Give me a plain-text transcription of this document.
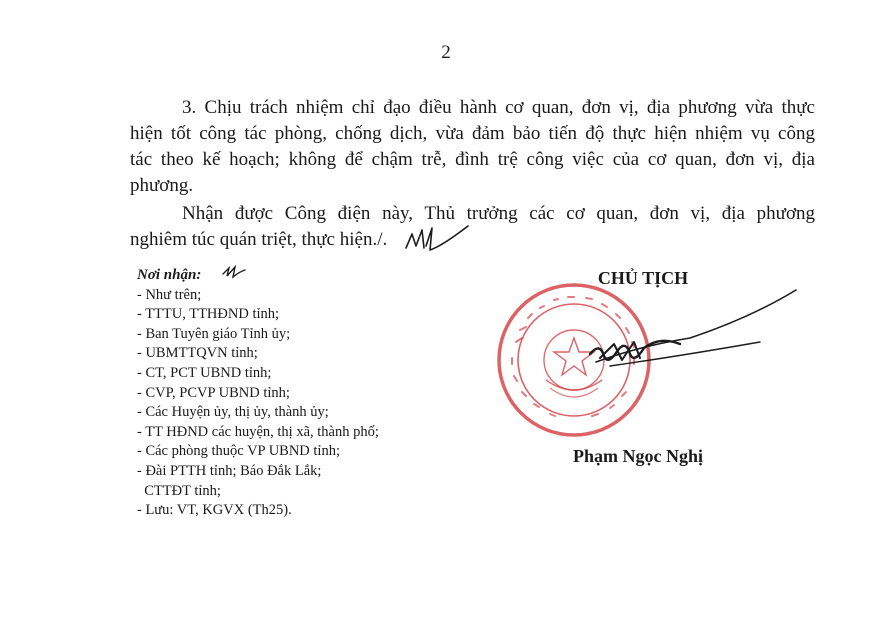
2

3. Chịu trách nhiệm chỉ đạo điều hành cơ quan, đơn vị, địa phương vừa thực
hiện tốt công tác phòng, chống dịch, vừa đảm bảo tiến độ thực hiện nhiệm vụ công
tác theo kế hoạch; không để chậm trễ, đình trệ công việc của cơ quan, đơn vị, địa
phương.

Nhận được Công điện này, Thủ trưởng các cơ quan, đơn vị, địa phương
nghiêm túc quán triệt, thực hiện./.

Nơi nhận:
- Như trên;
- TTTU, TTHĐND tỉnh;
- Ban Tuyên giáo Tỉnh ủy;
- UBMTTQVN tỉnh;
- CT, PCT UBND tỉnh;
- CVP, PCVP UBND tỉnh;
- Các Huyện ủy, thị ủy, thành ủy;
- TT HĐND các huyện, thị xã, thành phố;
- Các phòng thuộc VP UBND tỉnh;
- Đài PTTH tỉnh; Báo Đắk Lắk;
CTTĐT tỉnh;
- Lưu: VT, KGVX (Th25).
CHỦ TỊCH
Phạm Ngọc Nghị
